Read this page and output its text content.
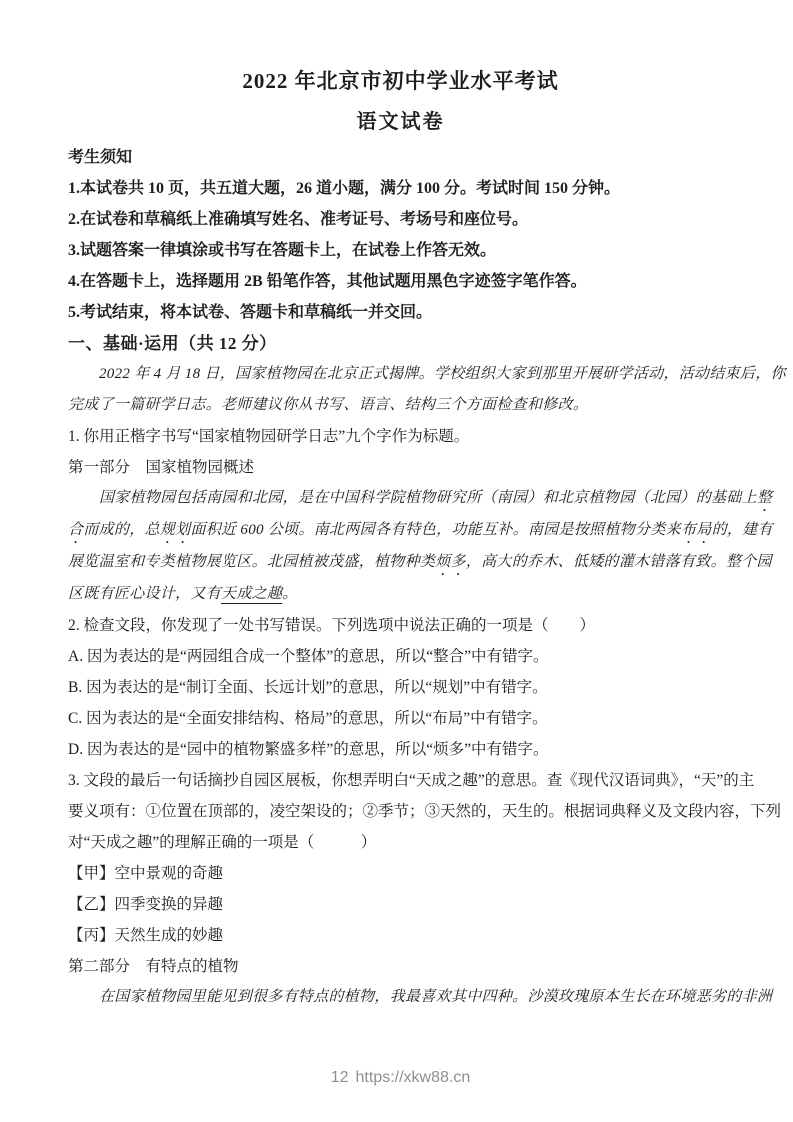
2022 年北京市初中学业水平考试
语文试卷
考生须知
1.本试卷共 10 页，共五道大题，26 道小题，满分 100 分。考试时间 150 分钟。
2.在试卷和草稿纸上准确填写姓名、准考证号、考场号和座位号。
3.试题答案一律填涂或书写在答题卡上，在试卷上作答无效。
4.在答题卡上，选择题用 2B 铅笔作答，其他试题用黑色字迹签字笔作答。
5.考试结束，将本试卷、答题卡和草稿纸一并交回。
一、基础·运用（共 12 分）
2022 年 4 月 18 日，国家植物园在北京正式揭牌。学校组织大家到那里开展研学活动，活动结束后，你
完成了一篇研学日志。老师建议你从书写、语言、结构三个方面检查和修改。
1. 你用正楷字书写“国家植物园研学日志”九个字作为标题。
第一部分　国家植物园概述
国家植物园包括南园和北园，是在中国科学院植物研究所（南园）和北京植物园（北园）的基础上整
合而成的，总规划面积近 600 公顷。南北两园各有特色，功能互补。南园是按照植物分类来布局的，建有
展览温室和专类植物展览区。北园植被茂盛，植物种类烦多，高大的乔木、低矮的灌木错落有致。整个园
区既有匠心设计，又有天成之趣。
2. 检查文段，你发现了一处书写错误。下列选项中说法正确的一项是（　　）
A. 因为表达的是“两园组合成一个整体”的意思，所以“整合”中有错字。
B. 因为表达的是“制订全面、长远计划”的意思，所以“规划”中有错字。
C. 因为表达的是“全面安排结构、格局”的意思，所以“布局”中有错字。
D. 因为表达的是“园中的植物繁盛多样”的意思，所以“烦多”中有错字。
3. 文段的最后一句话摘抄自园区展板，你想弄明白“天成之趣”的意思。查《现代汉语词典》，“天”的主
要义项有：①位置在顶部的，凌空架设的；②季节；③天然的，天生的。根据词典释义及文段内容，下列
对“天成之趣”的理解正确的一项是（　　　）
【甲】空中景观的奇趣
【乙】四季变换的异趣
【丙】天然生成的妙趣
第二部分　有特点的植物
在国家植物园里能见到很多有特点的植物，我最喜欢其中四种。沙漠玫瑰原本生长在环境恶劣的非洲
12 https://xkw88.cn
